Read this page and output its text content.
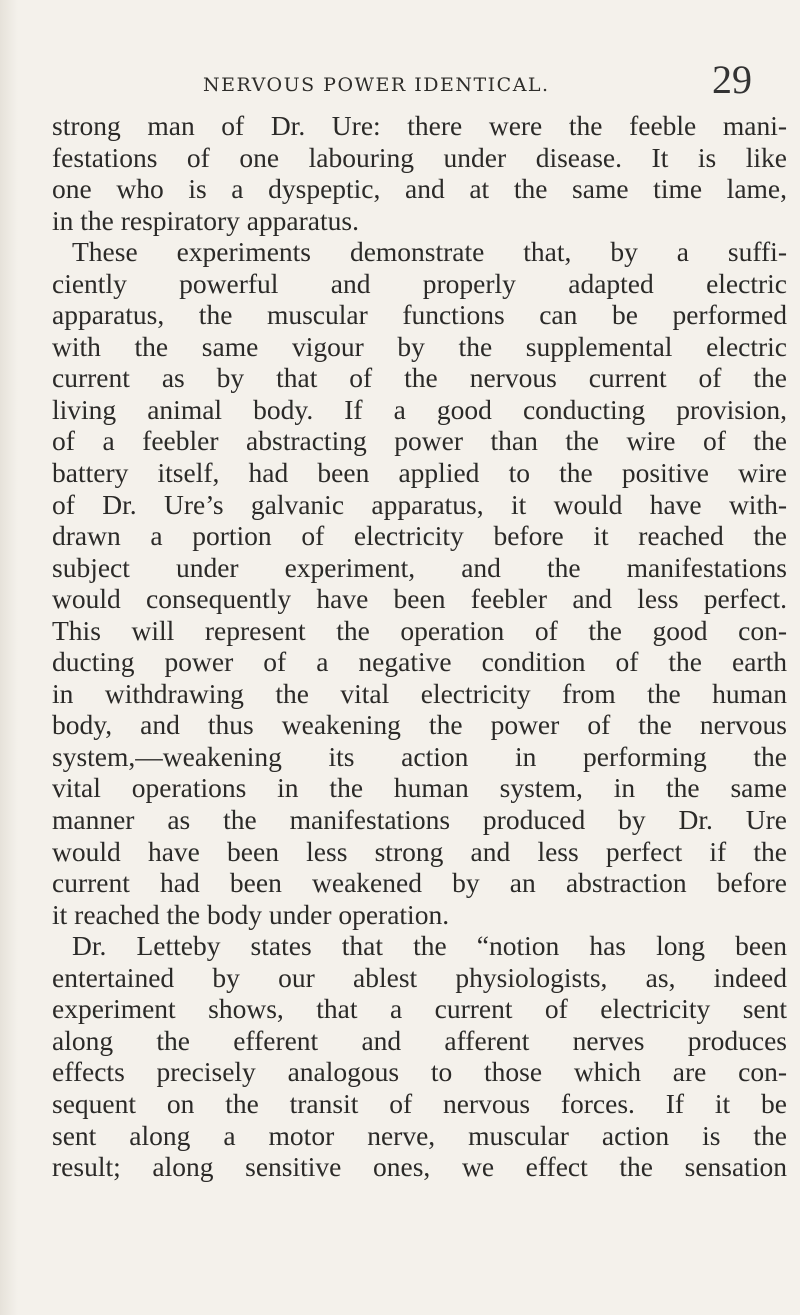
NERVOUS POWER IDENTICAL.	29
strong man of Dr. Ure: there were the feeble mani-
festations of one labouring under disease. It is like
one who is a dyspeptic, and at the same time lame,
in the respiratory apparatus.
These experiments demonstrate that, by a suffi-
ciently powerful and properly adapted electric
apparatus, the muscular functions can be performed
with the same vigour by the supplemental electric
current as by that of the nervous current of the
living animal body. If a good conducting provision,
of a feebler abstracting power than the wire of the
battery itself, had been applied to the positive wire
of Dr. Ure’s galvanic apparatus, it would have with-
drawn a portion of electricity before it reached the
subject under experiment, and the manifestations
would consequently have been feebler and less perfect.
This will represent the operation of the good con-
ducting power of a negative condition of the earth
in withdrawing the vital electricity from the human
body, and thus weakening the power of the nervous
system,—weakening its action in performing the
vital operations in the human system, in the same
manner as the manifestations produced by Dr. Ure
would have been less strong and less perfect if the
current had been weakened by an abstraction before
it reached the body under operation.
Dr. Letteby states that the “notion has long been
entertained by our ablest physiologists, as, indeed
experiment shows, that a current of electricity sent
along the efferent and afferent nerves produces
effects precisely analogous to those which are con-
sequent on the transit of nervous forces. If it be
sent along a motor nerve, muscular action is the
result; along sensitive ones, we effect the sensation
